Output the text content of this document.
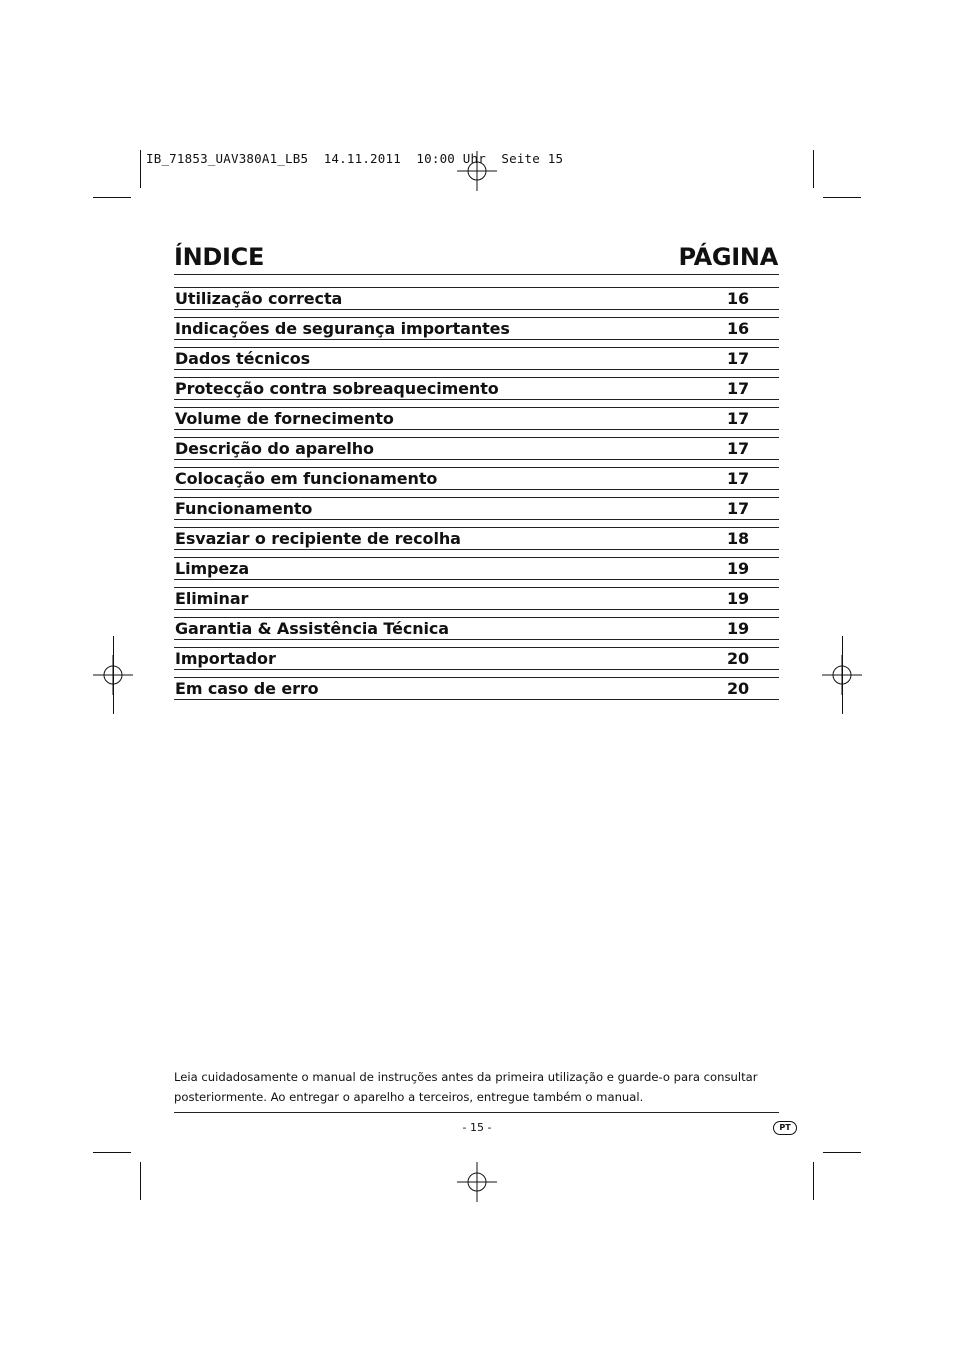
IB_71853_UAV380A1_LB5  14.11.2011  10:00 Uhr  Seite 15
ÍNDICE	PÁGINA
Utilização correcta	16
Indicações de segurança importantes	16
Dados técnicos	17
Protecção contra sobreaquecimento	17
Volume de fornecimento	17
Descrição do aparelho	17
Colocação em funcionamento	17
Funcionamento	17
Esvaziar o recipiente de recolha	18
Limpeza	19
Eliminar	19
Garantia & Assistência Técnica	19
Importador	20
Em caso de erro	20
Leia cuidadosamente o manual de instruções antes da primeira utilização e guarde-o para consultar
posteriormente. Ao entregar o aparelho a terceiros, entregue também o manual.
- 15 -	PT
